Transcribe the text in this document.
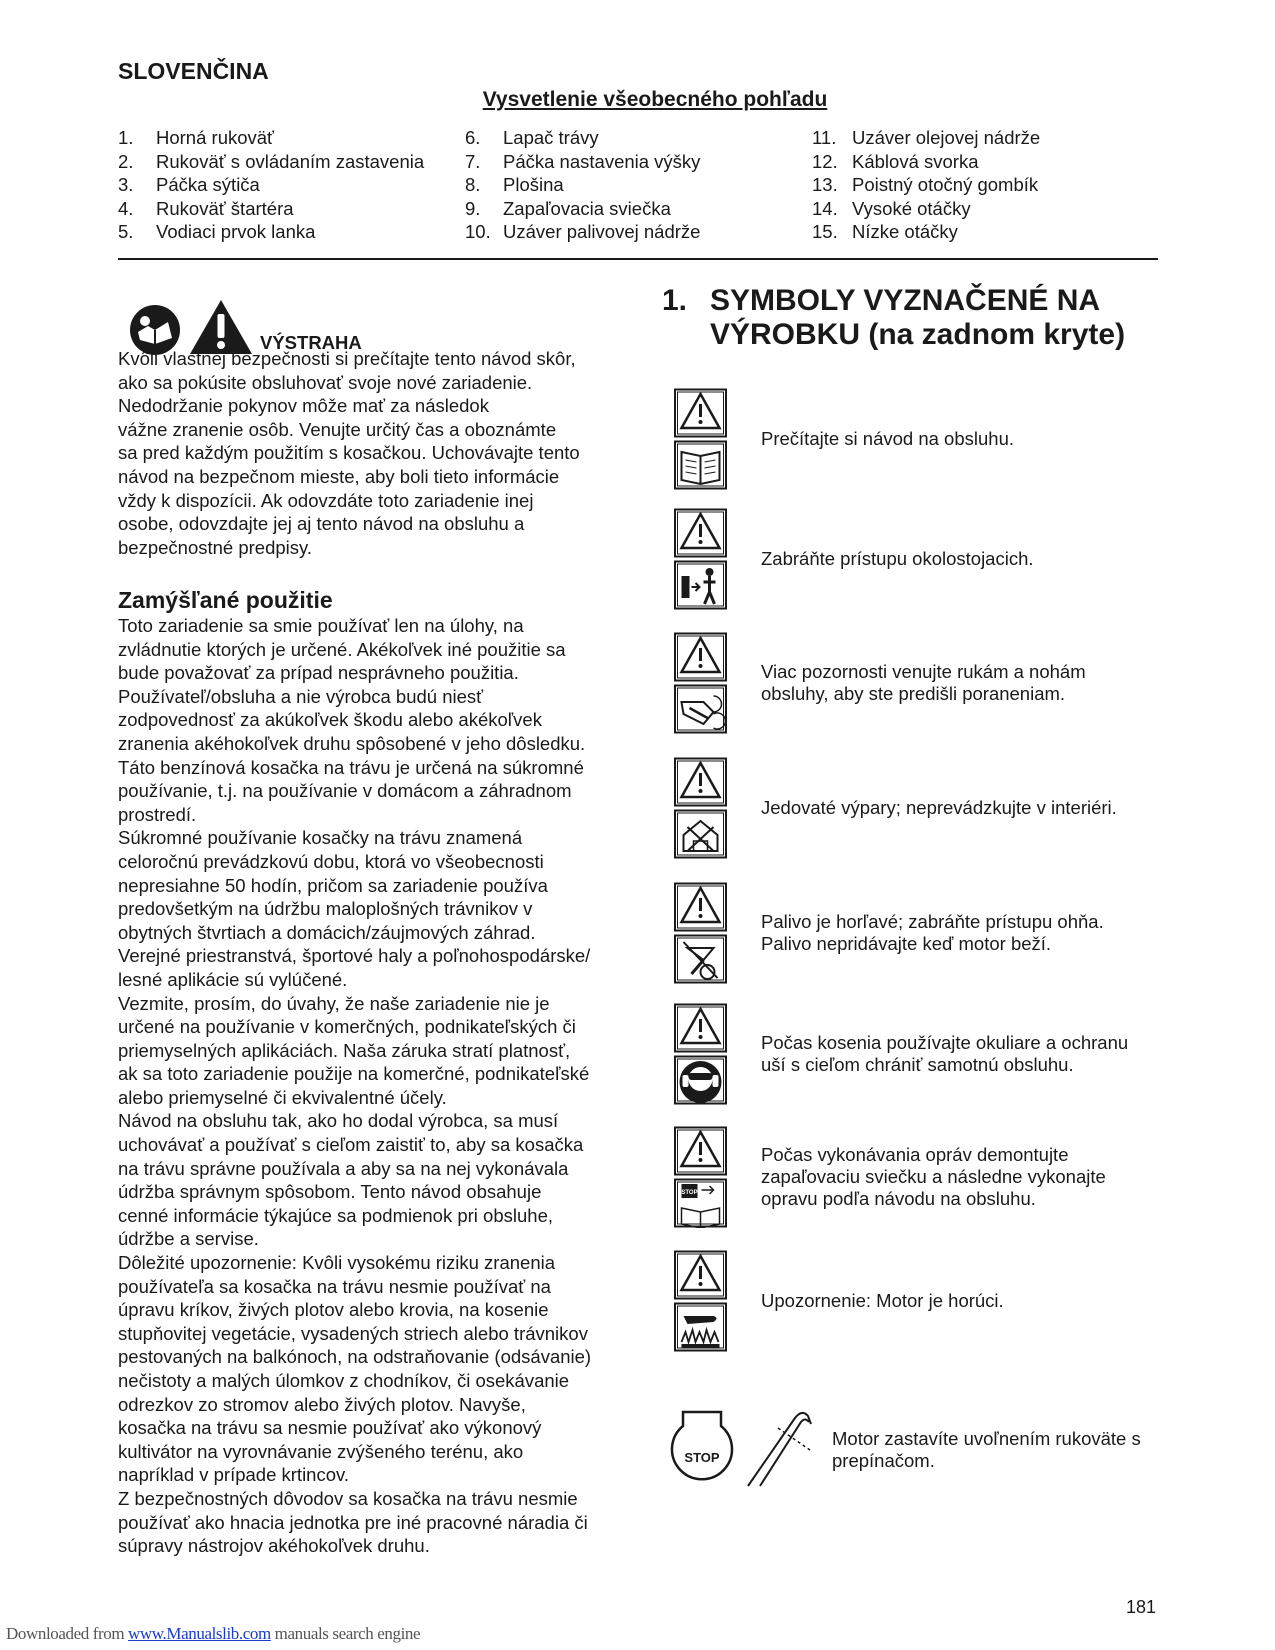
SLOVENČINA
Vysvetlenie všeobecného pohľadu
1.	Horná rukoväť
2.	Rukoväť s ovládaním zastavenia
3.	Páčka sýtiča
4.	Rukoväť štartéra
5.	Vodiaci prvok lanka
6.	Lapač trávy
7.	Páčka nastavenia výšky
8.	Plošina
9.	Zapaľovacia sviečka
10. Uzáver palivovej nádrže
11. Uzáver olejovej nádrže
12. Káblová svorka
13. Poistný otočný gombík
14. Vysoké otáčky
15. Nízke otáčky
VÝSTRAHA

Kvôli vlastnej bezpečnosti si prečítajte tento návod skôr,

ako sa pokúsite obsluhovať svoje nové zariadenie.

Nedodržanie pokynov môže mať za následok

vážne zranenie osôb. Venujte určitý čas a oboznámte

sa pred každým použitím s kosačkou. Uchovávajte tento

návod na bezpečnom mieste, aby boli tieto informácie

vždy k dispozícii. Ak odovzdáte toto zariadenie inej

osobe, odovzdajte jej aj tento návod na obsluhu a

bezpečnostné predpisy.

Zamýšľané použitie

Toto zariadenie sa smie používať len na úlohy, na

zvládnutie ktorých je určené. Akékoľvek iné použitie sa

bude považovať za prípad nesprávneho použitia.

Používateľ/obsluha a nie výrobca budú niesť

zodpovednosť za akúkoľvek škodu alebo akékoľvek

zranenia akéhokoľvek druhu spôsobené v jeho dôsledku.

Táto benzínová kosačka na trávu je určená na súkromné

používanie, t.j. na používanie v domácom a záhradnom

prostredí.

Súkromné používanie kosačky na trávu znamená

celoročnú prevádzkovú dobu, ktorá vo všeobecnosti

nepresiahne 50 hodín, pričom sa zariadenie používa

predovšetkým na údržbu maloplošných trávnikov v

obytných štvrtiach a domácich/záujmových záhrad.

Verejné priestranstvá, športové haly a poľnohospodárske/

lesné aplikácie sú vylúčené.

Vezmite, prosím, do úvahy, že naše zariadenie nie je

určené na používanie v komerčných, podnikateľských či

priemyselných aplikáciách. Naša záruka stratí platnosť,

ak sa toto zariadenie použije na komerčné, podnikateľské

alebo priemyselné či ekvivalentné účely.

Návod na obsluhu tak, ako ho dodal výrobca, sa musí

uchovávať a používať s cieľom zaistiť to, aby sa kosačka

na trávu správne používala a aby sa na nej vykonávala

údržba správnym spôsobom. Tento návod obsahuje

cenné informácie týkajúce sa podmienok pri obsluhe,

údržbe a servise.

Dôležité upozornenie: Kvôli vysokému riziku zranenia

používateľa sa kosačka na trávu nesmie používať na

úpravu kríkov, živých plotov alebo krovia, na kosenie

stupňovitej vegetácie, vysadených striech alebo trávnikov

pestovaných na balkónoch, na odstraňovanie (odsávanie)

nečistoty a malých úlomkov z chodníkov, či osekávanie

odrezkov zo stromov alebo živých plotov. Navyše,

kosačka na trávu sa nesmie používať ako výkonový

kultivátor na vyrovnávanie zvýšeného terénu, ako

napríklad v prípade krtincov.

Z bezpečnostných dôvodov sa kosačka na trávu nesmie

používať ako hnacia jednotka pre iné pracovné náradia či

súpravy nástrojov akéhokoľvek druhu.

1. SYMBOLY VYZNAČENÉ NA
VÝROBKU (na zadnom kryte)
Prečítajte si návod na obsluhu.
Zabráňte prístupu okolostojacich.
Viac pozornosti venujte rukám a nohám
obsluhy, aby ste predišli poraneniam.
Jedovaté výpary; neprevádzkujte v interiéri.
Palivo je horľavé; zabráňte prístupu ohňa.
Palivo nepridávajte keď motor beží.
Počas kosenia používajte okuliare a ochranu
uší s cieľom chrániť samotnú obsluhu.
STOP
Počas vykonávania opráv demontujte
zapaľovaciu sviečku a následne vykonajte
opravu podľa návodu na obsluhu.
Upozornenie: Motor je horúci.
STOP
Motor zastavíte uvoľnením rukoväte s
prepínačom.
181
Downloaded from www.Manualslib.com manuals search engine
